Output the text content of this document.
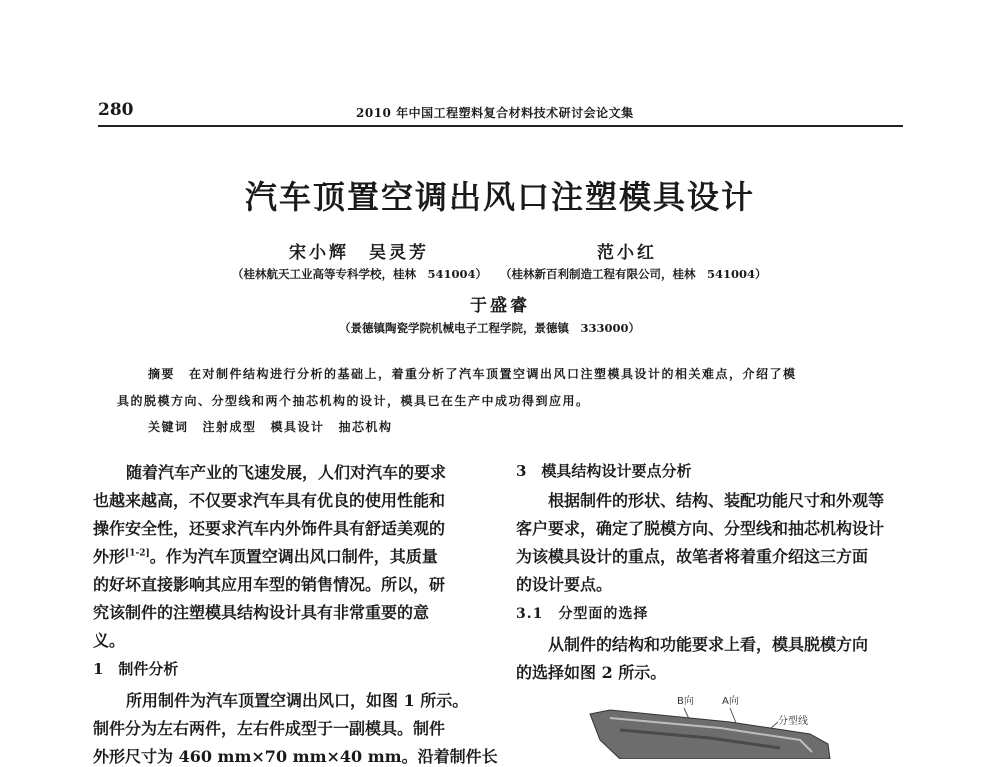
280	2010 年中国工程塑料复合材料技术研讨会论文集
汽车顶置空调出风口注塑模具设计
宋小辉　吴灵芳	范小红
（桂林航天工业高等专科学校，桂林　541004） （桂林新百利制造工程有限公司，桂林　541004）
于盛睿
（景德镇陶瓷学院机械电子工程学院，景德镇　333000）
摘要 在对制件结构进行分析的基础上，着重分析了汽车顶置空调出风口注塑模具设计的相关难点，介绍了模
具的脱模方向、分型线和两个抽芯机构的设计，模具已在生产中成功得到应用。
关键词 注射成型 模具设计 抽芯机构
随着汽车产业的飞速发展，人们对汽车的要求
也越来越高，不仅要求汽车具有优良的使用性能和
操作安全性，还要求汽车内外饰件具有舒适美观的
外形[1-2]。作为汽车顶置空调出风口制件，其质量
的好坏直接影响其应用车型的销售情况。所以，研
究该制件的注塑模具结构设计具有非常重要的意
义。
1　制件分析
所用制件为汽车顶置空调出风口，如图 1 所示。
制件分为左右两件，左右件成型于一副模具。制件
外形尺寸为 460 mm×70 mm×40 mm。沿着制件长
3　模具结构设计要点分析
根据制件的形状、结构、装配功能尺寸和外观等
客户要求，确定了脱模方向、分型线和抽芯机构设计
为该模具设计的重点，故笔者将着重介绍这三方面
的设计要点。
3.1　分型面的选择
从制件的结构和功能要求上看，模具脱模方向
的选择如图 2 所示。
B向	A向
分型线
